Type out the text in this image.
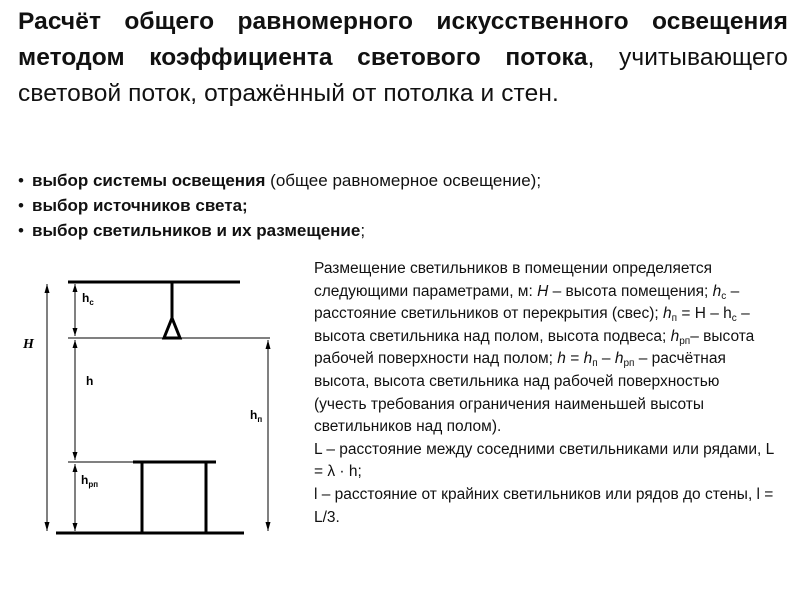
Расчёт общего равномерного искусственного освещения методом коэффициента светового потока, учитывающего световой поток, отражённый от потолка и стен.
• выбор системы освещения (общее равномерное освещение);
• выбор источников света;
• выбор светильников и их размещение;
H
$h_с$
h
$h_{рп}$
$h_п$

Размещение светильников в помещении определяется следующими параметрами, м: H – высота помещения; $h_с$ – расстояние светильников от перекрытия (свес); $h_п = H - h_с$ – высота светильника над полом, высота подвеса; $h_{рп}-$ высота рабочей поверхности над полом; $h = h_п - h_{рп}$ – расчётная высота, высота светильника над рабочей поверхностью (учесть требования ограничения наименьшей высоты светильников над полом).

L – расстояние между соседними светильниками или рядами, L = λ · h;

l – расстояние от крайних светильников или рядов до стены, l = L/3.
